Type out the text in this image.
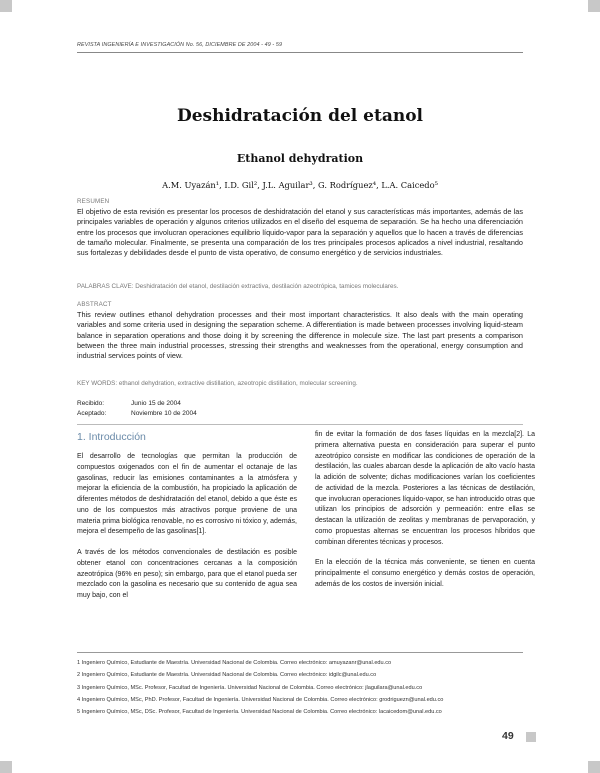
REVISTA INGENIERÍA E INVESTIGACIÓN No. 56, DICIEMBRE DE 2004 - 49 - 59
Deshidratación del etanol
Ethanol dehydration
A.M. Uyazán¹, I.D. Gil², J.L. Aguilar³, G. Rodríguez⁴, L.A. Caicedo⁵
RESUMEN
El objetivo de esta revisión es presentar los procesos de deshidratación del etanol y sus características más importantes, además de las principales variables de operación y algunos criterios utilizados en el diseño del esquema de separación. Se ha hecho una diferenciación entre los procesos que involucran operaciones equilibrio líquido-vapor para la separación y aquellos que lo hacen a través de diferencias de tamaño molecular. Finalmente, se presenta una comparación de los tres principales procesos aplicados a nivel industrial, resaltando sus fortalezas y debilidades desde el punto de vista operativo, de consumo energético y de servicios industriales.
PALABRAS CLAVE: Deshidratación del etanol, destilación extractiva, destilación azeotrópica, tamices moleculares.
ABSTRACT
This review outlines ethanol dehydration processes and their most important characteristics. It also deals with the main operating variables and some criteria used in designing the separation scheme. A differentiation is made between processes involving liquid-steam balance in separation operations and those doing it by screening the difference in molecule size. The last part presents a comparison between the three main industrial processes, stressing their strengths and weaknesses from the operational, energy consumption and industrial services points of view.
KEY WORDS: ethanol dehydration, extractive distillation, azeotropic distillation, molecular screening.
Recibido:	Junio 15 de 2004
Aceptado:	Noviembre 10 de 2004
1. Introducción

El desarrollo de tecnologías que permitan la producción de compuestos oxigenados con el fin de aumentar el octanaje de las gasolinas, reducir las emisiones contaminantes a la atmósfera y mejorar la eficiencia de la combustión, ha propiciado la aplicación de diferentes métodos de deshidratación del etanol, debido a que éste es uno de los compuestos más atractivos porque proviene de una materia prima biológica renovable, no es corrosivo ni tóxico y, además, mejora el desempeño de las gasolinas[1].

A través de los métodos convencionales de destilación es posible obtener etanol con concentraciones cercanas a la composición azeotrópica (96% en peso); sin embargo, para que el etanol pueda ser mezclado con la gasolina es necesario que su contenido de agua sea muy bajo, con el

fin de evitar la formación de dos fases líquidas en la mezcla[2]. La primera alternativa puesta en consideración para superar el punto azeotrópico consiste en modificar las condiciones de operación de la destilación, las cuales abarcan desde la aplicación de alto vacío hasta la adición de solvente; dichas modificaciones varían los coeficientes de actividad de la mezcla. Posteriores a las técnicas de destilación, que involucran operaciones líquido-vapor, se han introducido otras que utilizan los principios de adsorción y permeación: entre ellas se destacan la utilización de zeolitas y membranas de pervaporación, y como propuestas alternas se encuentran los procesos híbridos que combinan diferentes técnicas y procesos.

En la elección de la técnica más conveniente, se tienen en cuenta principalmente el consumo energético y demás costos de operación, además de los costos de inversión inicial.

1 Ingeniero Químico, Estudiante de Maestría. Universidad Nacional de Colombia. Correo electrónico: amuyazanr@unal.edu.co
2 Ingeniero Químico, Estudiante de Maestría. Universidad Nacional de Colombia. Correo electrónico: idgilc@unal.edu.co
3 Ingeniero Químico, MSc. Profesor, Facultad de Ingeniería. Universidad Nacional de Colombia. Correo electrónico: jlaguilara@unal.edu.co
4 Ingeniero Químico, MSc, PhD. Profesor, Facultad de Ingeniería. Universidad Nacional de Colombia. Correo electrónico: grodriguezn@unal.edu.co
5 Ingeniero Químico, MSc, DSc. Profesor, Facultad de Ingeniería. Universidad Nacional de Colombia. Correo electrónico: lacaicedom@unal.edu.co
49
